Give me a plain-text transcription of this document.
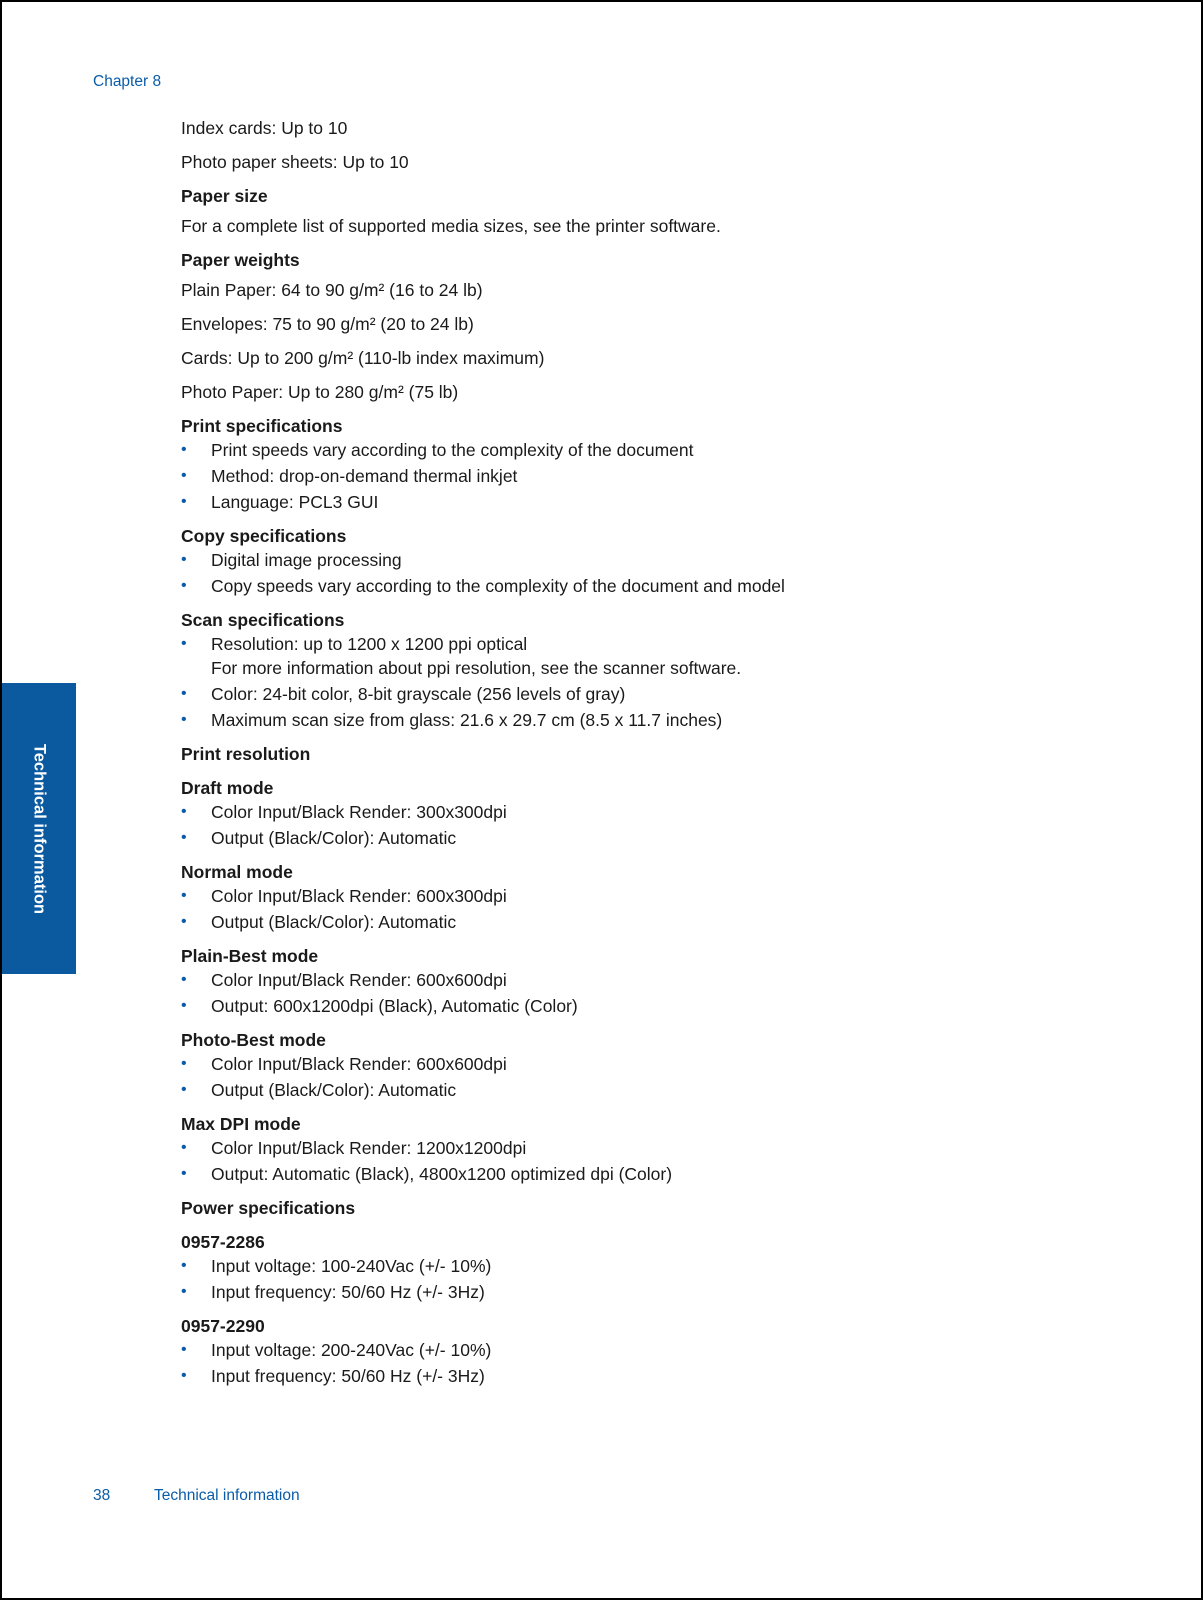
Chapter 8
Technical information

Index cards: Up to 10

Photo paper sheets: Up to 10

Paper size

For a complete list of supported media sizes, see the printer software.

Paper weights

Plain Paper: 64 to 90 g/m² (16 to 24 lb)

Envelopes: 75 to 90 g/m² (20 to 24 lb)

Cards: Up to 200 g/m² (110-lb index maximum)

Photo Paper: Up to 280 g/m² (75 lb)

Print specifications

• Print speeds vary according to the complexity of the document
• Method: drop-on-demand thermal inkjet
• Language: PCL3 GUI

Copy specifications

• Digital image processing
• Copy speeds vary according to the complexity of the document and model

Scan specifications

• Resolution: up to 1200 x 1200 ppi optical
For more information about ppi resolution, see the scanner software.
• Color: 24-bit color, 8-bit grayscale (256 levels of gray)
• Maximum scan size from glass: 21.6 x 29.7 cm (8.5 x 11.7 inches)

Print resolution

Draft mode

• Color Input/Black Render: 300x300dpi
• Output (Black/Color): Automatic

Normal mode

• Color Input/Black Render: 600x300dpi
• Output (Black/Color): Automatic

Plain-Best mode

• Color Input/Black Render: 600x600dpi
• Output: 600x1200dpi (Black), Automatic (Color)

Photo-Best mode

• Color Input/Black Render: 600x600dpi
• Output (Black/Color): Automatic

Max DPI mode

• Color Input/Black Render: 1200x1200dpi
• Output: Automatic (Black), 4800x1200 optimized dpi (Color)

Power specifications

0957-2286

• Input voltage: 100-240Vac (+/- 10%)
• Input frequency: 50/60 Hz (+/- 3Hz)

0957-2290

• Input voltage: 200-240Vac (+/- 10%)
• Input frequency: 50/60 Hz (+/- 3Hz)
38	Technical information
